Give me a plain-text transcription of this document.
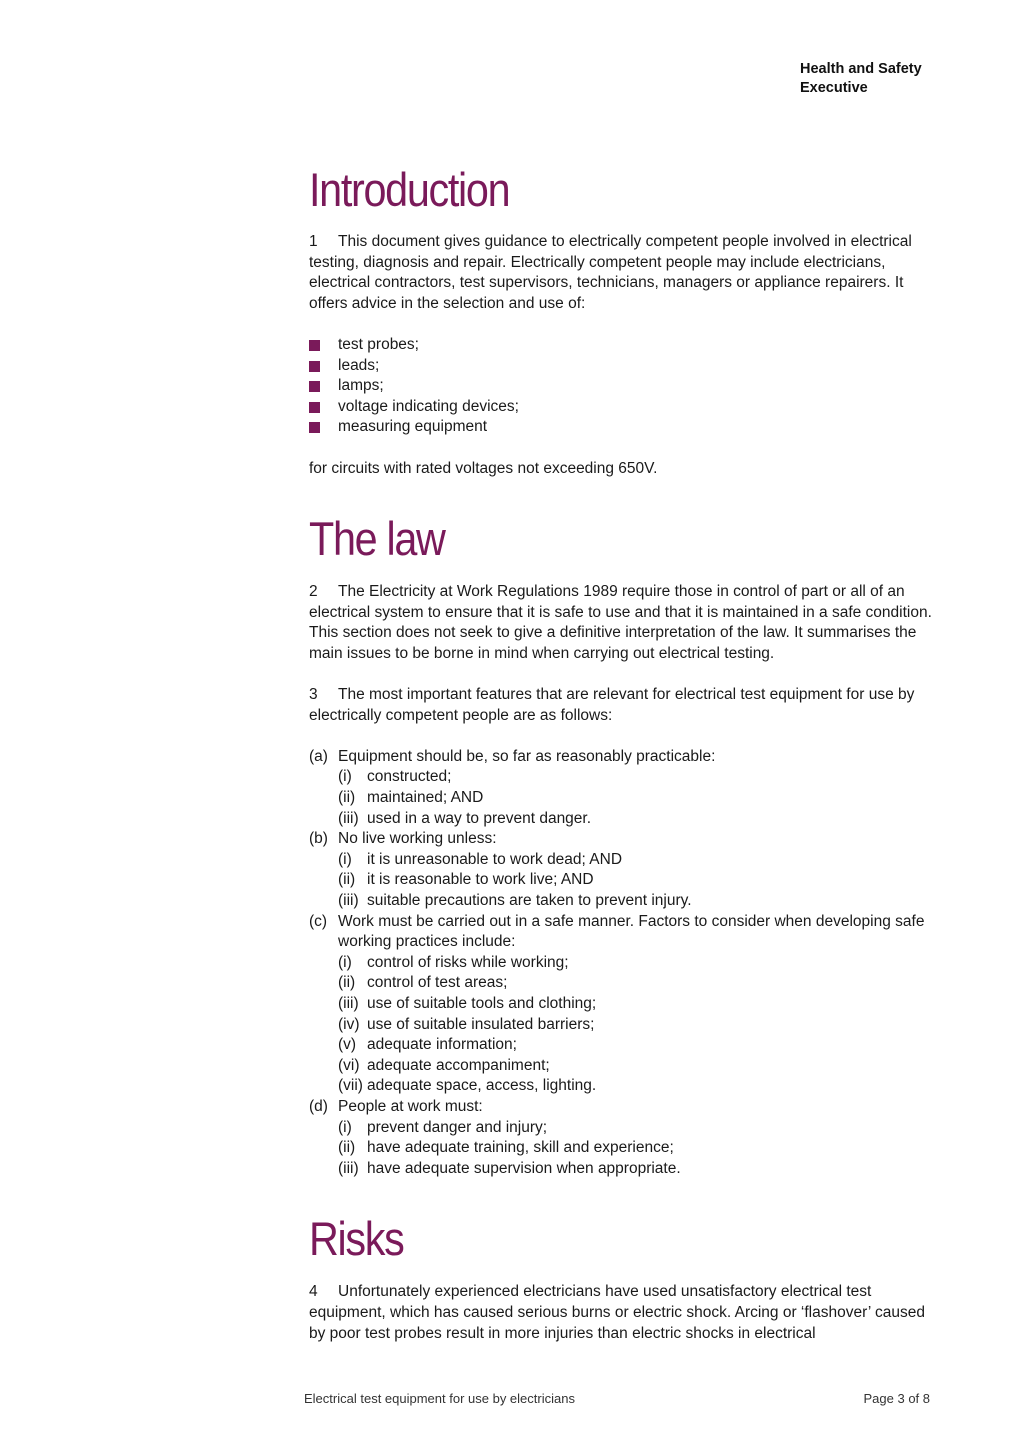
Health and Safety
Executive
Introduction

1 This document gives guidance to electrically competent people involved in electrical testing, diagnosis and repair. Electrically competent people may include electricians, electrical contractors, test supervisors, technicians, managers or appliance repairers. It offers advice in the selection and use of:

test probes;
leads;
lamps;
voltage indicating devices;
measuring equipment

for circuits with rated voltages not exceeding 650V.

The law

2 The Electricity at Work Regulations 1989 require those in control of part or all of an electrical system to ensure that it is safe to use and that it is maintained in a safe condition. This section does not seek to give a definitive interpretation of the law. It summarises the main issues to be borne in mind when carrying out electrical testing.

3 The most important features that are relevant for electrical test equipment for use by electrically competent people are as follows:

(a) Equipment should be, so far as reasonably practicable:
(i) constructed;
(ii) maintained; AND
(iii) used in a way to prevent danger.
(b) No live working unless:
(i) it is unreasonable to work dead; AND
(ii) it is reasonable to work live; AND
(iii) suitable precautions are taken to prevent injury.
(c) Work must be carried out in a safe manner. Factors to consider when developing safe working practices include:
(i) control of risks while working;
(ii) control of test areas;
(iii) use of suitable tools and clothing;
(iv) use of suitable insulated barriers;
(v) adequate information;
(vi) adequate accompaniment;
(vii) adequate space, access, lighting.
(d) People at work must:
(i) prevent danger and injury;
(ii) have adequate training, skill and experience;
(iii) have adequate supervision when appropriate.
Risks

4 Unfortunately experienced electricians have used unsatisfactory electrical test equipment, which has caused serious burns or electric shock. Arcing or ‘flashover’ caused by poor test probes result in more injuries than electric shocks in electrical

Electrical test equipment for use by electricians	Page 3 of 8
